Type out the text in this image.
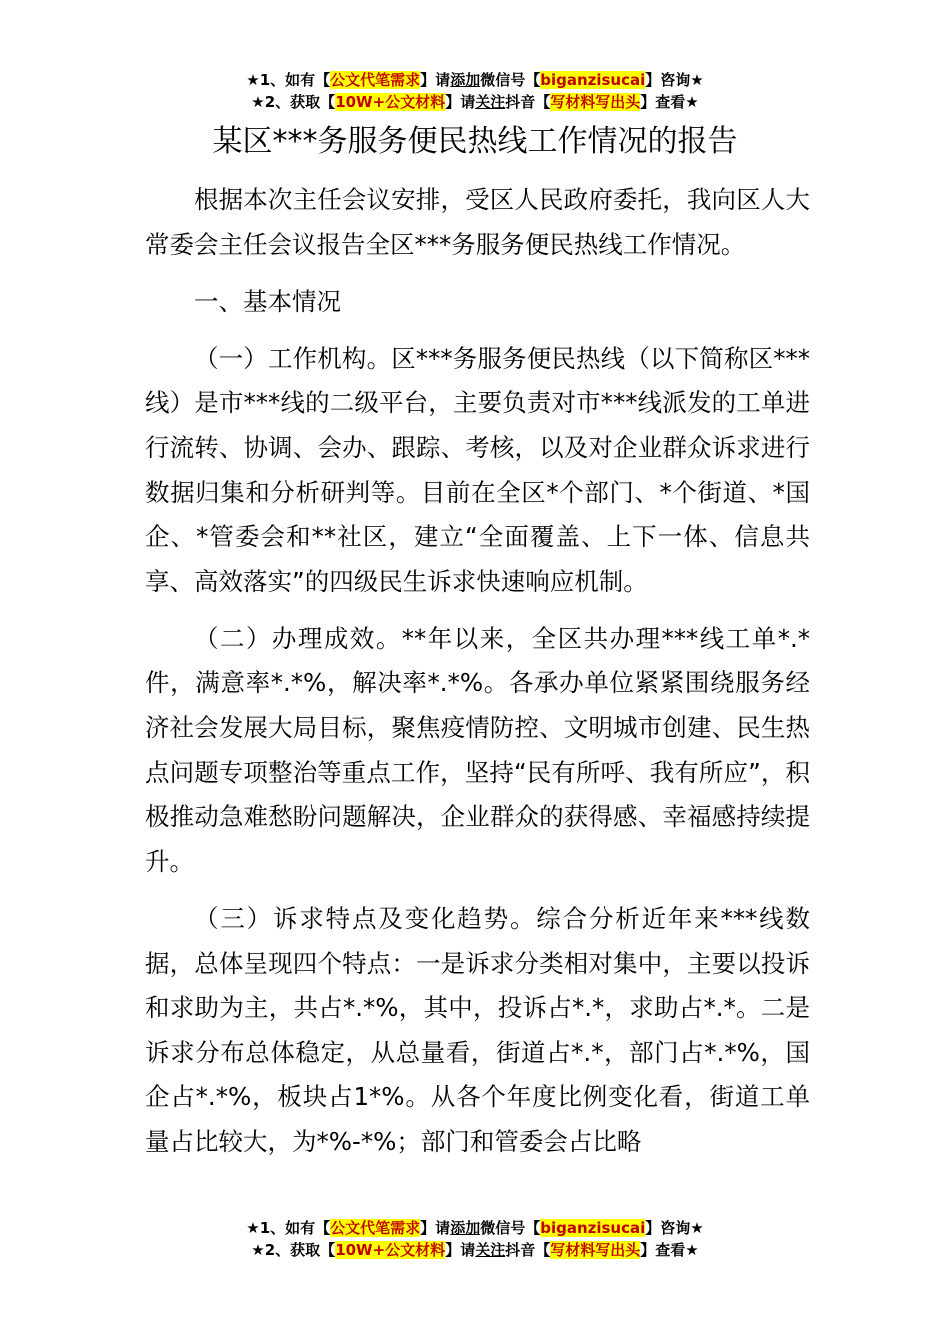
★1、如有【公文代笔需求】请添加微信号【biganzisucai】咨询★
★2、获取【10W+公文材料】请关注抖音【写材料写出头】查看★
某区***务服务便民热线工作情况的报告

根据本次主任会议安排，受区人民政府委托，我向区人大常委会主任会议报告全区***务服务便民热线工作情况。

一、基本情况

（一）工作机构。区***务服务便民热线（以下简称区***线）是市***线的二级平台，主要负责对市***线派发的工单进行流转、协调、会办、跟踪、考核，以及对企业群众诉求进行数据归集和分析研判等。目前在全区*个部门、*个街道、*国企、*管委会和**社区，建立“全面覆盖、上下一体、信息共享、高效落实”的四级民生诉求快速响应机制。

（二）办理成效。**年以来，全区共办理***线工单*.*件，满意率*.*%，解决率*.*%。各承办单位紧紧围绕服务经济社会发展大局目标，聚焦疫情防控、文明城市创建、民生热点问题专项整治等重点工作，坚持“民有所呼、我有所应”，积极推动急难愁盼问题解决，企业群众的获得感、幸福感持续提升。

（三）诉求特点及变化趋势。综合分析近年来***线数据，总体呈现四个特点：一是诉求分类相对集中，主要以投诉和求助为主，共占*.*%，其中，投诉占*.*，求助占*.*。二是诉求分布总体稳定，从总量看，街道占*.*，部门占*.*%，国企占*.*%，板块占1*%。从各个年度比例变化看，街道工单量占比较大，为*%-*%；部门和管委会占比略

★1、如有【公文代笔需求】请添加微信号【biganzisucai】咨询★
★2、获取【10W+公文材料】请关注抖音【写材料写出头】查看★
